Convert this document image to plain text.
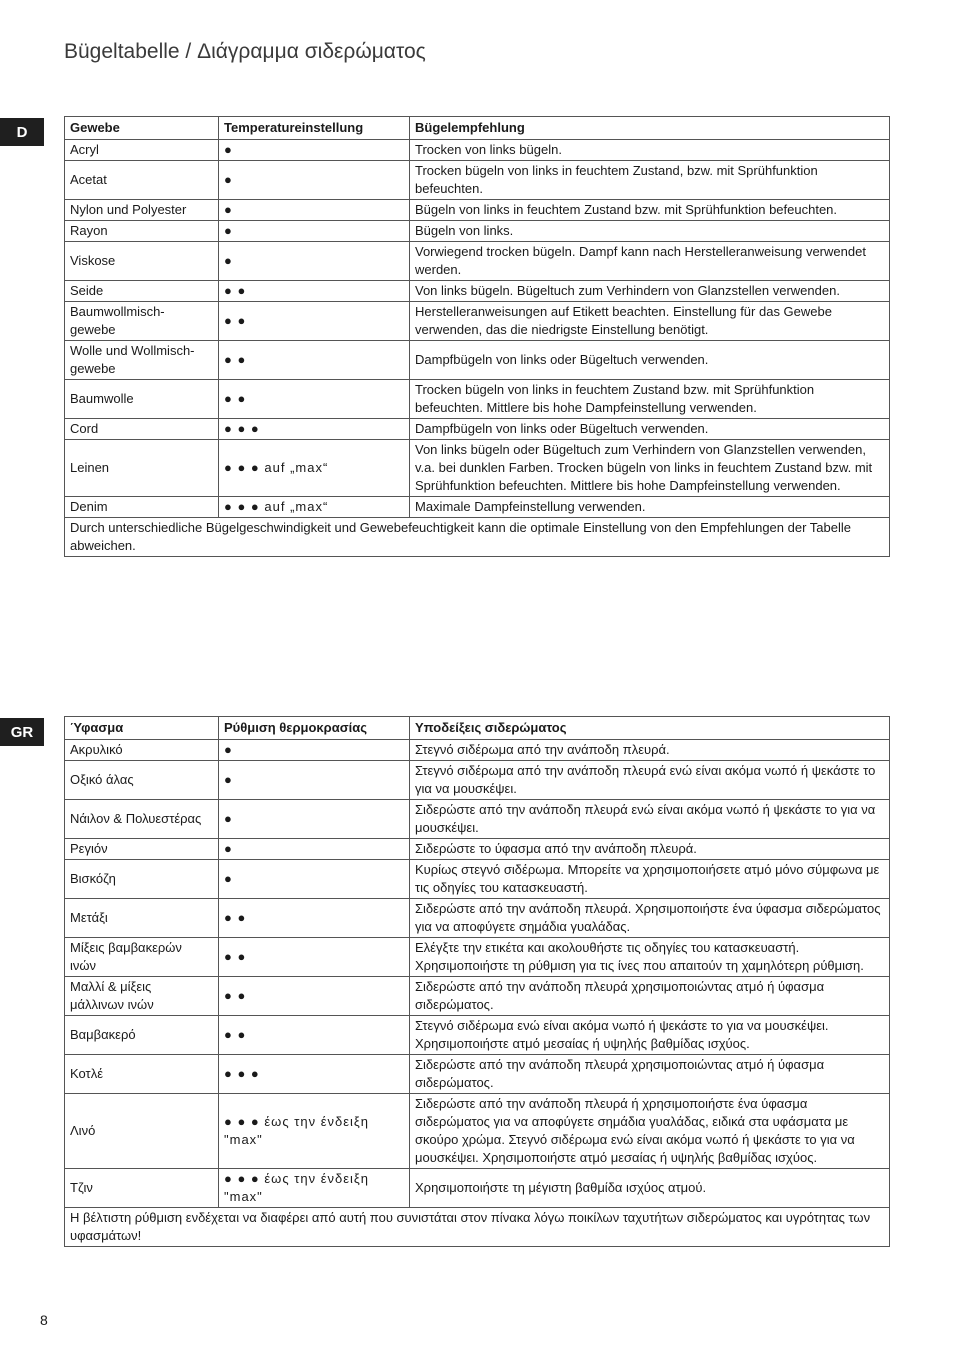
Bügeltabelle / Διάγραμμα σιδερώματος
D	Gewebe	Temperatureinstellung	Bügelempfehlung
Acryl	●	Trocken von links bügeln.
Acetat	●	Trocken bügeln von links in feuchtem Zustand, bzw. mit Sprühfunktion befeuchten.
Nylon und Polyester	●	Bügeln von links in feuchtem Zustand bzw. mit Sprühfunktion befeuchten.
Rayon	●	Bügeln von links.
Viskose	●	Vorwiegend trocken bügeln. Dampf kann nach Herstelleranweisung verwendet werden.
Seide	● ●	Von links bügeln. Bügeltuch zum Verhindern von Glanzstellen verwenden.
Baumwollmisch-
gewebe	● ●	Herstelleranweisungen auf Etikett beachten. Einstellung für das Gewebe verwenden, das die niedrigste Einstellung benötigt.
Wolle und Wollmisch-
gewebe	● ●	Dampfbügeln von links oder Bügeltuch verwenden.
Baumwolle	● ●	Trocken bügeln von links in feuchtem Zustand bzw. mit Sprühfunktion befeuchten. Mittlere bis hohe Dampfeinstellung verwenden.
Cord	● ● ●	Dampfbügeln von links oder Bügeltuch verwenden.
Leinen	● ● ● auf „max“	Von links bügeln oder Bügeltuch zum Verhindern von Glanzstellen verwenden, v.a. bei dunklen Farben. Trocken bügeln von links in feuchtem Zustand bzw. mit Sprühfunktion befeuchten. Mittlere bis hohe Dampfeinstellung verwenden.
Denim	● ● ● auf „max“	Maximale Dampfeinstellung verwenden.
Durch unterschiedliche Bügelgeschwindigkeit und Gewebefeuchtigkeit kann die optimale Einstellung von den Empfehlungen der Tabelle abweichen.		
GR	Ύφασμα	Ρύθμιση θερμοκρασίας	Υποδείξεις σιδερώματος
Ακρυλικό	●	Στεγνό σιδέρωμα από την ανάποδη πλευρά.
Οξικό άλας	●	Στεγνό σιδέρωμα από την ανάποδη πλευρά ενώ είναι ακόμα νωπό ή ψεκάστε το για να μουσκέψει.
Νάιλον & Πολυεστέρας	●	Σιδερώστε από την ανάποδη πλευρά ενώ είναι ακόμα νωπό ή ψεκάστε το για να μουσκέψει.
Ρεγιόν	●	Σιδερώστε το ύφασμα από την ανάποδη πλευρά.
Βισκόζη	●	Κυρίως στεγνό σιδέρωμα. Μπορείτε να χρησιμοποιήσετε ατμό μόνο σύμφωνα με τις οδηγίες του κατασκευαστή.
Μετάξι	● ●	Σιδερώστε από την ανάποδη πλευρά. Χρησιμοποιήστε ένα ύφασμα σιδερώματος για να αποφύγετε σημάδια γυαλάδας.
Μίξεις βαμβακερών
ινών	● ●	Ελέγξτε την ετικέτα και ακολουθήστε τις οδηγίες του κατασκευαστή. Χρησιμοποιήστε τη ρύθμιση για τις ίνες που απαιτούν τη χαμηλότερη ρύθμιση.
Μαλλί & μίξεις
μάλλινων ινών	● ●	Σιδερώστε από την ανάποδη πλευρά χρησιμοποιώντας ατμό ή ύφασμα σιδερώματος.
Βαμβακερό	● ●	Στεγνό σιδέρωμα ενώ είναι ακόμα νωπό ή ψεκάστε το για να μουσκέψει. Χρησιμοποιήστε ατμό μεσαίας ή υψηλής βαθμίδας ισχύος.
Κοτλέ	● ● ●	Σιδερώστε από την ανάποδη πλευρά χρησιμοποιώντας ατμό ή ύφασμα σιδερώματος.
Λινό	● ● ● έως την ένδειξη "max"	Σιδερώστε από την ανάποδη πλευρά ή χρησιμοποιήστε ένα ύφασμα σιδερώματος για να αποφύγετε σημάδια γυαλάδας, ειδικά στα υφάσματα με σκούρο χρώμα. Στεγνό σιδέρωμα ενώ είναι ακόμα νωπό ή ψεκάστε το για να μουσκέψει. Χρησιμοποιήστε ατμό μεσαίας ή υψηλής βαθμίδας ισχύος.
Τζιν	● ● ● έως την ένδειξη "max"	Χρησιμοποιήστε τη μέγιστη βαθμίδα ισχύος ατμού.
Η βέλτιστη ρύθμιση ενδέχεται να διαφέρει από αυτή που συνιστάται στον πίνακα λόγω ποικίλων ταχυτήτων σιδερώματος και υγρότητας των υφασμάτων!		
8
